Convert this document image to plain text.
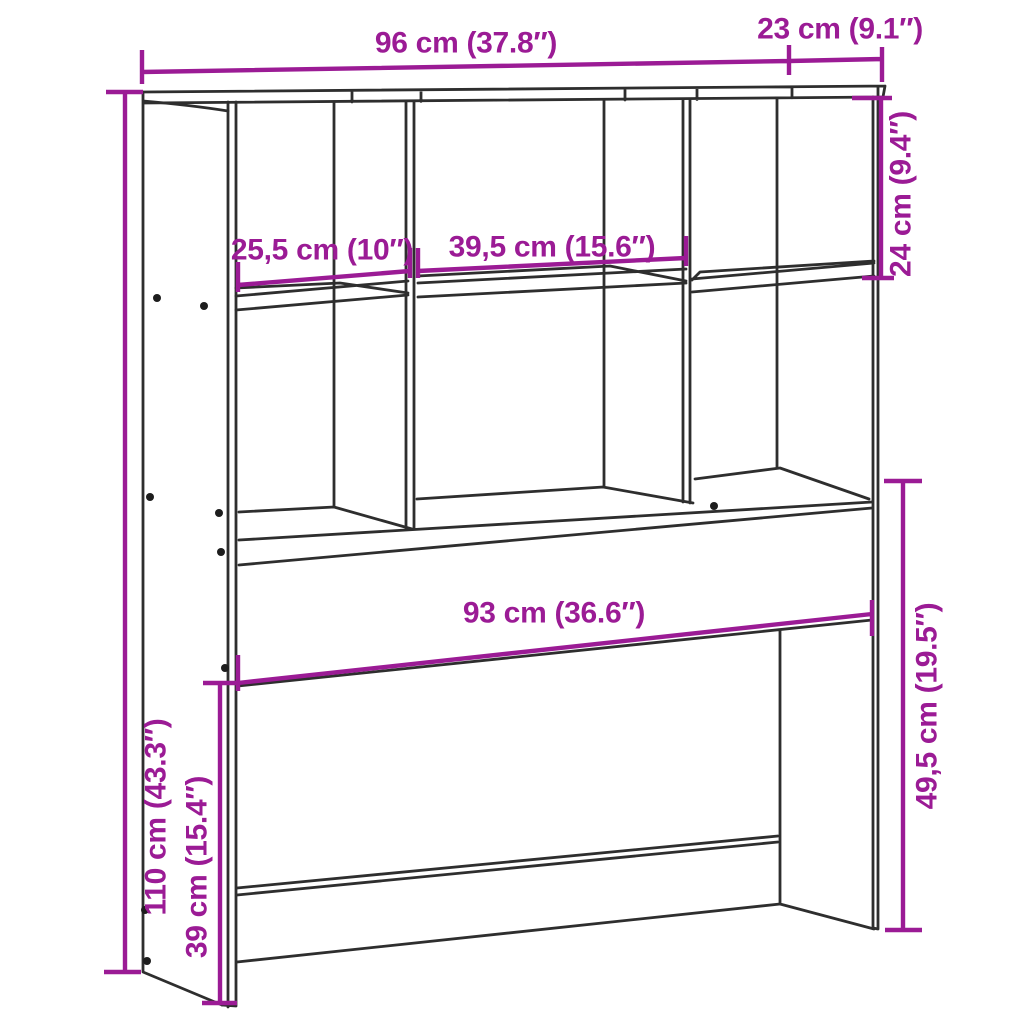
96 cm (37.8″)	23 cm (9.1″)
24 cm (9.4″)
110 cm (43.3″)
25,5 cm (10″) 39,5 cm (15.6″)
93 cm (36.6″)
39 cm (15.4″)
49,5 cm (19.5″)
